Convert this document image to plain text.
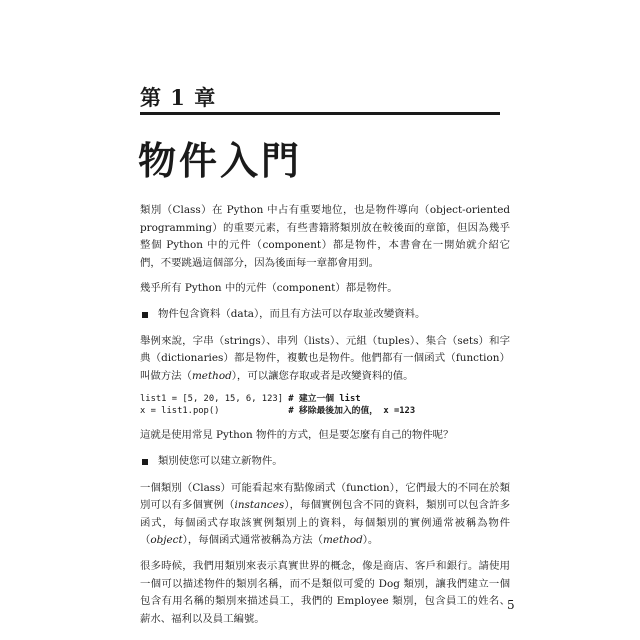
第 1 章
物件入門

類別（Class）在 Python 中占有重要地位，也是物件導向（object-oriented programming）的重要元素，有些書籍將類別放在較後面的章節，但因為幾乎整個 Python 中的元件（component）都是物件，本書會在一開始就介紹它們，不要跳過這個部分，因為後面每一章都會用到。

幾乎所有 Python 中的元件（component）都是物件。

物件包含資料（data），而且有方法可以存取並改變資料。

舉例來說，字串（strings）、串列（lists）、元組（tuples）、集合（sets）和字典（dictionaries）都是物件，複數也是物件。他們都有一個函式（function）叫做方法（method），可以讓您存取或者是改變資料的值。

list1 = [5, 20, 15, 6, 123] # 建立一個 list
x = list1.pop()	# 移除最後加入的值， x =123

這就是使用常見 Python 物件的方式，但是要怎麼有自己的物件呢？

類別使您可以建立新物件。

一個類別（Class）可能看起來有點像函式（function），它們最大的不同在於類別可以有多個實例（instances），每個實例包含不同的資料，類別可以包含許多函式，每個函式存取該實例類別上的資料，每個類別的實例通常被稱為物件（object），每個函式通常被稱為方法（method）。

很多時候，我們用類別來表示真實世界的概念，像是商店、客戶和銀行。請使用一個可以描述物件的類別名稱，而不是類似可愛的 Dog 類別，讓我們建立一個包含有用名稱的類別來描述員工，我們的 Employee 類別，包含員工的姓名、薪水、福利以及員工編號。

5
